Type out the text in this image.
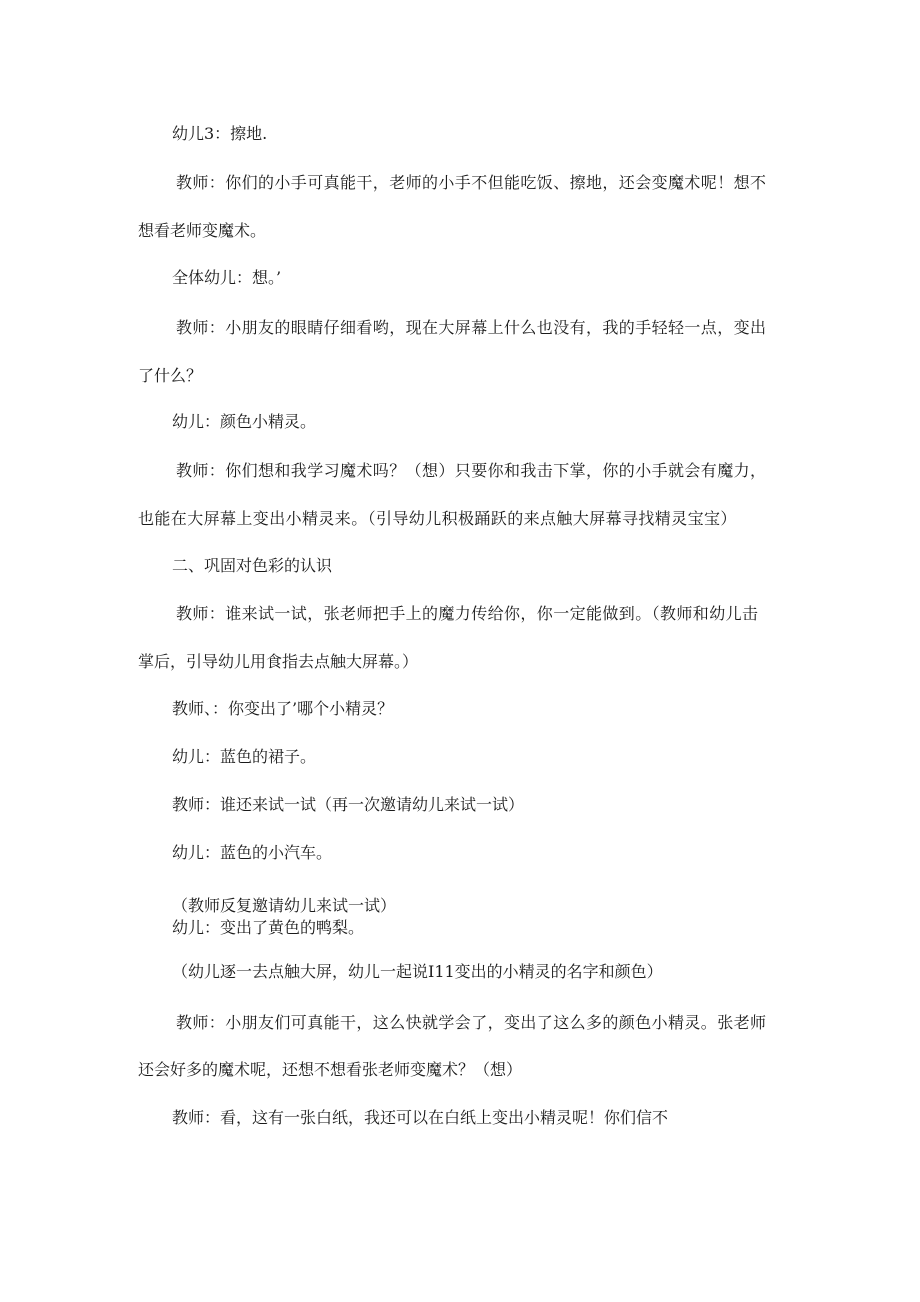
幼儿3：擦地.
教师：你们的小手可真能干，老师的小手不但能吃饭、擦地，还会变魔术呢！想不
想看老师变魔术。
全体幼儿：想。’
教师：小朋友的眼睛仔细看哟，现在大屏幕上什么也没有，我的手轻轻一点，变出
了什么？
幼儿：颜色小精灵。
教师：你们想和我学习魔术吗？（想）只要你和我击下掌，你的小手就会有魔力，
也能在大屏幕上变出小精灵来。（引导幼儿积极踊跃的来点触大屏幕寻找精灵宝宝）
二、巩固对色彩的认识
教师：谁来试一试，张老师把手上的魔力传给你，你一定能做到。（教师和幼儿击
掌后，引导幼儿用食指去点触大屏幕。）
教师、：你变出了’哪个小精灵？
幼儿：蓝色的裙子。
教师：谁还来试一试（再一次邀请幼儿来试一试）
幼儿：蓝色的小汽车。
（教师反复邀请幼儿来试一试）
幼儿：变出了黄色的鸭梨。
（幼儿逐一去点触大屏，幼儿一起说I11变出的小精灵的名字和颜色）
教师：小朋友们可真能干，这么快就学会了，变出了这么多的颜色小精灵。张老师
还会好多的魔术呢，还想不想看张老师变魔术？（想）
教师：看，这有一张白纸，我还可以在白纸上变出小精灵呢！你们信不
